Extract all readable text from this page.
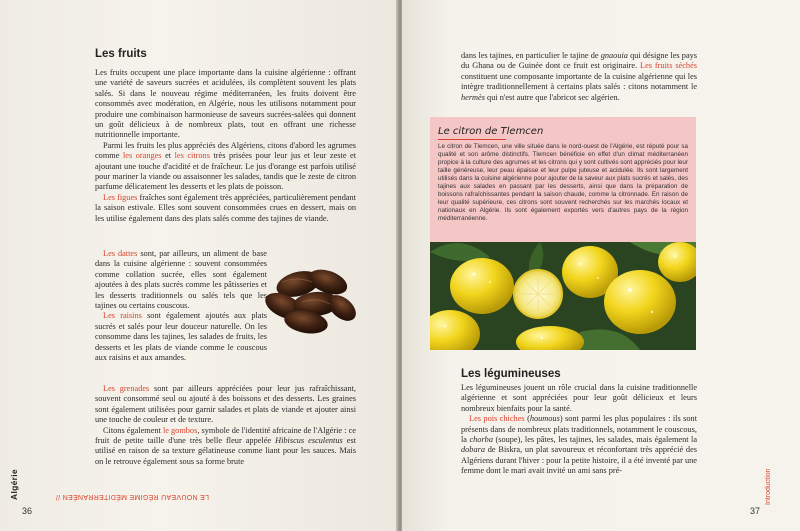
LE NOUVEAU RÉGIME MÉDITERRANÉEN //
Algérie
Les fruits

Les fruits occupent une place importante dans la cuisine algérienne : offrant une variété de saveurs sucrées et acidulées, ils complètent souvent les plats salés. Si dans le nouveau régime méditerranéen, les fruits doivent être consommés avec modération, en Algérie, nous les utilisons notamment pour produire une combinaison harmonieuse de saveurs sucrées-salées qui donnent un goût délicieux à de nombreux plats, tout en offrant une richesse nutritionnelle importante.

Parmi les fruits les plus appréciés des Algériens, citons d'abord les agrumes comme les oranges et les citrons très prisées pour leur jus et leur zeste et ajoutant une touche d'acidité et de fraîcheur. Le jus d'orange est parfois utilisé pour mariner la viande ou assaisonner les salades, tandis que le zeste de citron parfume délicatement les desserts et les plats de poisson.

Les figues fraîches sont également très appréciées, particulièrement pendant la saison estivale. Elles sont souvent consommées crues en dessert, mais on les utilise également dans des plats salés comme des tajines de viande.

Les dattes sont, par ailleurs, un aliment de base dans la cuisine algérienne : souvent consommées comme collation sucrée, elles sont également ajoutées à des plats sucrés comme les pâtisseries et les desserts traditionnels ou salés tels que les tajines ou certains couscous.

Les raisins sont également ajoutés aux plats sucrés et salés pour leur douceur naturelle. On les consomme dans les tajines, les salades de fruits, les desserts et les plats de viande comme le couscous aux raisins et aux amandes.

Les grenades sont par ailleurs appréciées pour leur jus rafraîchissant, souvent consommé seul ou ajouté à des boissons et des desserts. Les graines sont également utilisées pour garnir salades et plats de viande et ajouter ainsi une touche de couleur et de texture.

Citons également le gombos, symbole de l'identité africaine de l'Algérie : ce fruit de petite taille d'une très belle fleur appelée Hibiscus esculentus est utilisé en raison de sa texture gélatineuse comme liant pour les sauces. Mais on le retrouve également sous sa forme brute

36	37

dans les tajines, en particulier le tajine de gnaouia qui désigne les pays du Ghana ou de Guinée dont ce fruit est originaire. Les fruits séchés constituent une composante importante de la cuisine algérienne qui les intègre traditionnellement à certains plats salés : citons notamment le hermès qui n'est autre que l'abricot sec algérien.

Le citron de Tlemcen
Le citron de Tlemcen, une ville située dans le nord-ouest de l'Algérie, est réputé pour sa qualité et son arôme distinctifs. Tlemcen bénéficie en effet d'un climat méditerranéen propice à la culture des agrumes et les citrons qui y sont cultivés sont appréciés pour leur taille généreuse, leur peau épaisse et leur pulpe juteuse et acidulée. Ils sont largement utilisés dans la cuisine algérienne pour ajouter de la saveur aux plats sucrés et salés, des tajines aux salades en passant par les desserts, ainsi que dans la préparation de boissons rafraîchissantes pendant la saison chaude, comme la citronnade. En raison de leur qualité supérieure, ces citrons sont souvent recherchés sur les marchés locaux et nationaux en Algérie. Ils sont également exportés vers d'autres pays de la région méditerranéenne.
Les légumineuses

Les légumineuses jouent un rôle crucial dans la cuisine traditionnelle algérienne et sont appréciées pour leur goût délicieux et leurs nombreux bienfaits pour la santé.

Les pois chiches (houmous) sont parmi les plus populaires : ils sont présents dans de nombreux plats traditionnels, notamment le couscous, la chorba (soupe), les pâtes, les tajines, les salades, mais également la dobara de Biskra, un plat savoureux et réconfortant très apprécié des Algériens durant l'hiver : pour la petite histoire, il a été inventé par une femme dont le mari avait invité un ami sans pré-	Introduction
